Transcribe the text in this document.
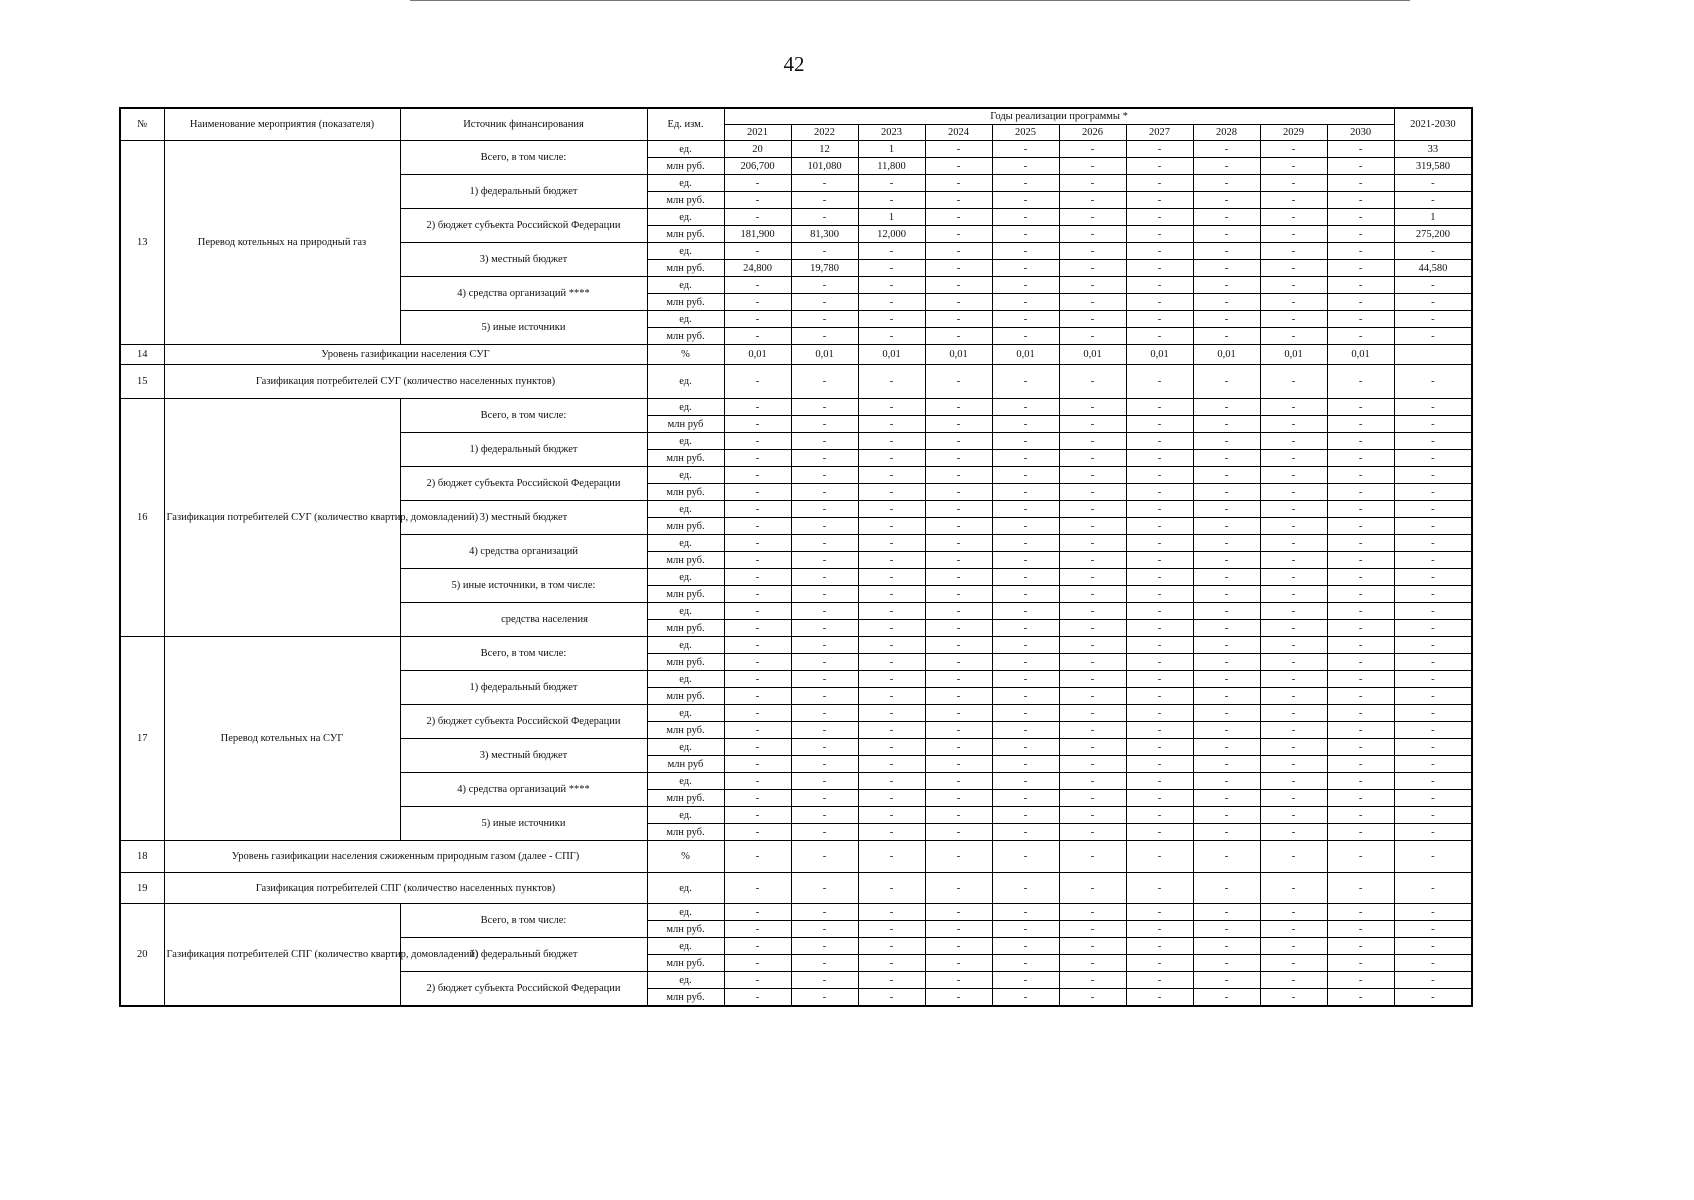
42
№	Наименование мероприятия (показателя)	Источник финансирования	Ед. изм.	Годы реализации программы *										2021-2030
				2021	2022	2023	2024	2025	2026	2027	2028	2029	2030	
13	Перевод котельных на природный газ	Всего, в том числе:	ед.	20	12	1	-	-	-	-	-	-	-	33
			млн руб.	206,700	101,080	11,800	-	-	-	-	-	-	-	319,580
		1) федеральный бюджет	ед.	-	-	-	-	-	-	-	-	-	-	-
			млн руб.	-	-	-	-	-	-	-	-	-	-	-
		2) бюджет субъекта Российской Федерации	ед.	-	-	1	-	-	-	-	-	-	-	1
			млн руб.	181,900	81,300	12,000	-	-	-	-	-	-	-	275,200
		3) местный бюджет	ед.	-	-	-	-	-	-	-	-	-	-	-
			млн руб.	24,800	19,780	-	-	-	-	-	-	-	-	44,580
		4) средства организаций ****	ед.	-	-	-	-	-	-	-	-	-	-	-
			млн руб.	-	-	-	-	-	-	-	-	-	-	-
		5) иные источники	ед.	-	-	-	-	-	-	-	-	-	-	-
			млн руб.	-	-	-	-	-	-	-	-	-	-	-
14	Уровень газификации населения СУГ		%	0,01	0,01	0,01	0,01	0,01	0,01	0,01	0,01	0,01	0,01	
15	Газификация потребителей СУГ (количество населенных пунктов)		ед.	-	-	-	-	-	-	-	-	-	-	-
16	Газификация потребителей СУГ (количество квартир, домовладений)	Всего, в том числе:	ед.	-	-	-	-	-	-	-	-	-	-	-
			млн руб	-	-	-	-	-	-	-	-	-	-	-
		1) федеральный бюджет	ед.	-	-	-	-	-	-	-	-	-	-	-
			млн руб.	-	-	-	-	-	-	-	-	-	-	-
		2) бюджет субъекта Российской Федерации	ед.	-	-	-	-	-	-	-	-	-	-	-
			млн руб.	-	-	-	-	-	-	-	-	-	-	-
		3) местный бюджет	ед.	-	-	-	-	-	-	-	-	-	-	-
			млн руб.	-	-	-	-	-	-	-	-	-	-	-
		4) средства организаций	ед.	-	-	-	-	-	-	-	-	-	-	-
			млн руб.	-	-	-	-	-	-	-	-	-	-	-
		5) иные источники, в том числе:	ед.	-	-	-	-	-	-	-	-	-	-	-
			млн руб.	-	-	-	-	-	-	-	-	-	-	-
		средства населения	ед.	-	-	-	-	-	-	-	-	-	-	-
			млн руб.	-	-	-	-	-	-	-	-	-	-	-
17	Перевод котельных на СУГ	Всего, в том числе:	ед.	-	-	-	-	-	-	-	-	-	-	-
			млн руб.	-	-	-	-	-	-	-	-	-	-	-
		1) федеральный бюджет	ед.	-	-	-	-	-	-	-	-	-	-	-
			млн руб.	-	-	-	-	-	-	-	-	-	-	-
		2) бюджет субъекта Российской Федерации	ед.	-	-	-	-	-	-	-	-	-	-	-
			млн руб.	-	-	-	-	-	-	-	-	-	-	-
		3) местный бюджет	ед.	-	-	-	-	-	-	-	-	-	-	-
			млн руб	-	-	-	-	-	-	-	-	-	-	-
		4) средства организаций ****	ед.	-	-	-	-	-	-	-	-	-	-	-
			млн руб.	-	-	-	-	-	-	-	-	-	-	-
		5) иные источники	ед.	-	-	-	-	-	-	-	-	-	-	-
			млн руб.	-	-	-	-	-	-	-	-	-	-	-
18	Уровень газификации населения сжиженным природным газом (далее - СПГ)		%	-	-	-	-	-	-	-	-	-	-	-
19	Газификация потребителей СПГ (количество населенных пунктов)		ед.	-	-	-	-	-	-	-	-	-	-	-
20	Газификация потребителей СПГ (количество квартир, домовладений)	Всего, в том числе:	ед.	-	-	-	-	-	-	-	-	-	-	-
			млн руб.	-	-	-	-	-	-	-	-	-	-	-
		1) федеральный бюджет	ед.	-	-	-	-	-	-	-	-	-	-	-
			млн руб.	-	-	-	-	-	-	-	-	-	-	-
		2) бюджет субъекта Российской Федерации	ед.	-	-	-	-	-	-	-	-	-	-	-
			млн руб.	-	-	-	-	-	-	-	-	-	-	-
